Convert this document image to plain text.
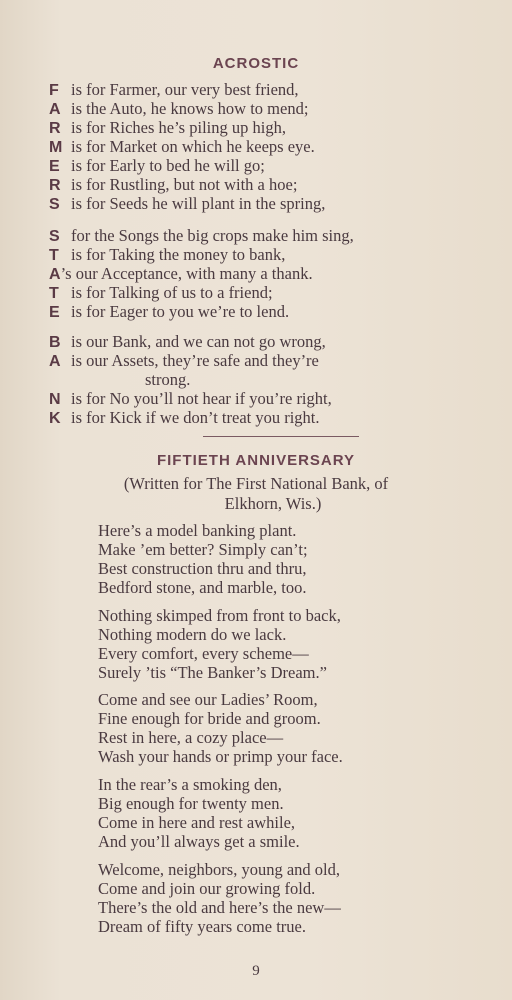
ACROSTIC
F is for Farmer, our very best friend,
A is the Auto, he knows how to mend;
R is for Riches he’s piling up high,
M is for Market on which he keeps eye.
E is for Early to bed he will go;
R is for Rustling, but not with a hoe;
S is for Seeds he will plant in the spring,
S for the Songs the big crops make him sing,
T is for Taking the money to bank,
A’s our Acceptance, with many a thank.
T is for Talking of us to a friend;
E is for Eager to you we’re to lend.
B is our Bank, and we can not go wrong,
A is our Assets, they’re safe and they’re
strong.
N is for No you’ll not hear if you’re right,
K is for Kick if we don’t treat you right.
FIFTIETH ANNIVERSARY
(Written for The First National Bank, of
Elkhorn, Wis.)
Here’s a model banking plant.
Make ’em better? Simply can’t;
Best construction thru and thru,
Bedford stone, and marble, too.
Nothing skimped from front to back,
Nothing modern do we lack.
Every comfort, every scheme—
Surely ’tis “The Banker’s Dream.”
Come and see our Ladies’ Room,
Fine enough for bride and groom.
Rest in here, a cozy place—
Wash your hands or primp your face.
In the rear’s a smoking den,
Big enough for twenty men.
Come in here and rest awhile,
And you’ll always get a smile.
Welcome, neighbors, young and old,
Come and join our growing fold.
There’s the old and here’s the new—
Dream of fifty years come true.
9
